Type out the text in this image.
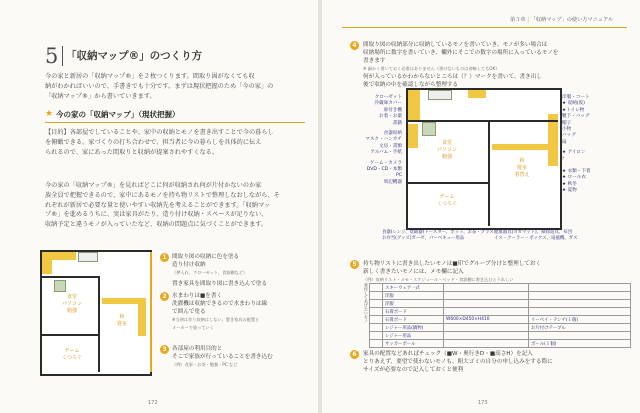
5 「収納マップ®」のつくり方
今の家と新居の「収納マップ®」を２枚つくります。間取り図がなくても収
納がわかればいいので、手書きでも十分です。まずは現状把握のため「今の家」の
「収納マップ®」から書いていきます。
★ 今の家の「収納マップ」（現状把握）
【目的】各部屋でしていることや、家中の収納とモノを書き出すことで今の暮らし
を俯瞰できる。家づくりの打ち合わせで、担当者に今の暮らしを具体的に伝え
られるので、家にあった間取りと収納が提案されやすくなる。
今の家の「収納マップ®」を見ればどこに何が収納され何が片付かないのか家
族全員で把握できるので、家中にあるモノを持ち物リストで整理しなおしながら、そ
れぞれが新居で必要な量と使いやすい収納先を考えることができます。「収納マッ
プ®」を進めるうちに、実は家具がたり、造り付け収納・スペースが足りない、
収納予定と違うモノが入っていたなど、収納の問題点に気づくことができます。
食堂
パソコン
勉強
和
寝室
ゲーム
くつろぐ
1 間取り図の収納に色を塗る
造り付け収納
（押入れ、クローゼット、食器棚など）
置き家具を間取り図に書き込んで塗る
2 水まわりは■を書く
洗濯機は収納できるので水まわりは線
で囲んで塗る
※当初は作り収納はしない。置き家具の配置と
メーカーで塗っていく
3 各部屋の利用目的と
そこで家族が行っていることを書き込む
（例）食事・お茶・勉強・PC など
172
第３章 | 「収納マップ」の使い方マニュアル
4	間取り図の収納部分に収納しているモノを書いていき、モノが多い場合は
収納場所に数字を書いていき、欄外にそこでの数字の場所に入っているモノを
書きます
※ 細かく書いておく必要はありません（書けないものは省略してもOK）
何が入っているかわからないところは（？）マークを書いて、書き出し
後で収納の中を確認しながら整理する
クローゼット
冷蔵庫カバー
扉付き棚
お着・お薬
書籍
食器収納
マスク・ハンカチ
文房・書類
アルバム・手紙
ゲーム・カメラ
DVD・CD・本類
PC
周辺機器
食堂
パソコン
勉強
和
寝室
着替え
ゲーム
くつろぐ
洋服・コート
★ 収納(仮)
★トイレ物
靴下・バッグ
帽子
小物
バッグ
扇
★ アイロン
？
★ 衣類・下着
★ ロール衣
★ 秋冬
★ 夏物
食器(レンジ、炊飯器)トースター、ポット、お茶・グラス
お弁当(グッズ)ガーゼ、バーベキュー用品
健康器具(ヨガマット)、掃除道具、布団
イス・クーラー・ボックス、扇風機、ガス
5	持ち物リストに書き出したいモノは■印でグループ分けと整理しておく
新しく書きたいモノには、メモ欄に記入
（例）収納リスト・メモ・スケジュール・ベッド・食器棚に書き込むとうれしい
寄付してあげたいモノ
		スキーウェア一式		
	洋服		
	洋服		
	石膏ボード		
	石膏ボード	W600×D450×H410	リーベイ・テンチ(１個)
	レジャー用品(鍋物)		お片付けテーブル
	レジャー用品		
	サッカーボール		ボール(１個)
6	家具の配置などあればチェック（■W・奥行きD・■高さH）を記入
とりあえず、要望で使わないモノも、粗大ゴミの自分の申し込みをする際に
サイズが必要なので記入しておくと便利
173
